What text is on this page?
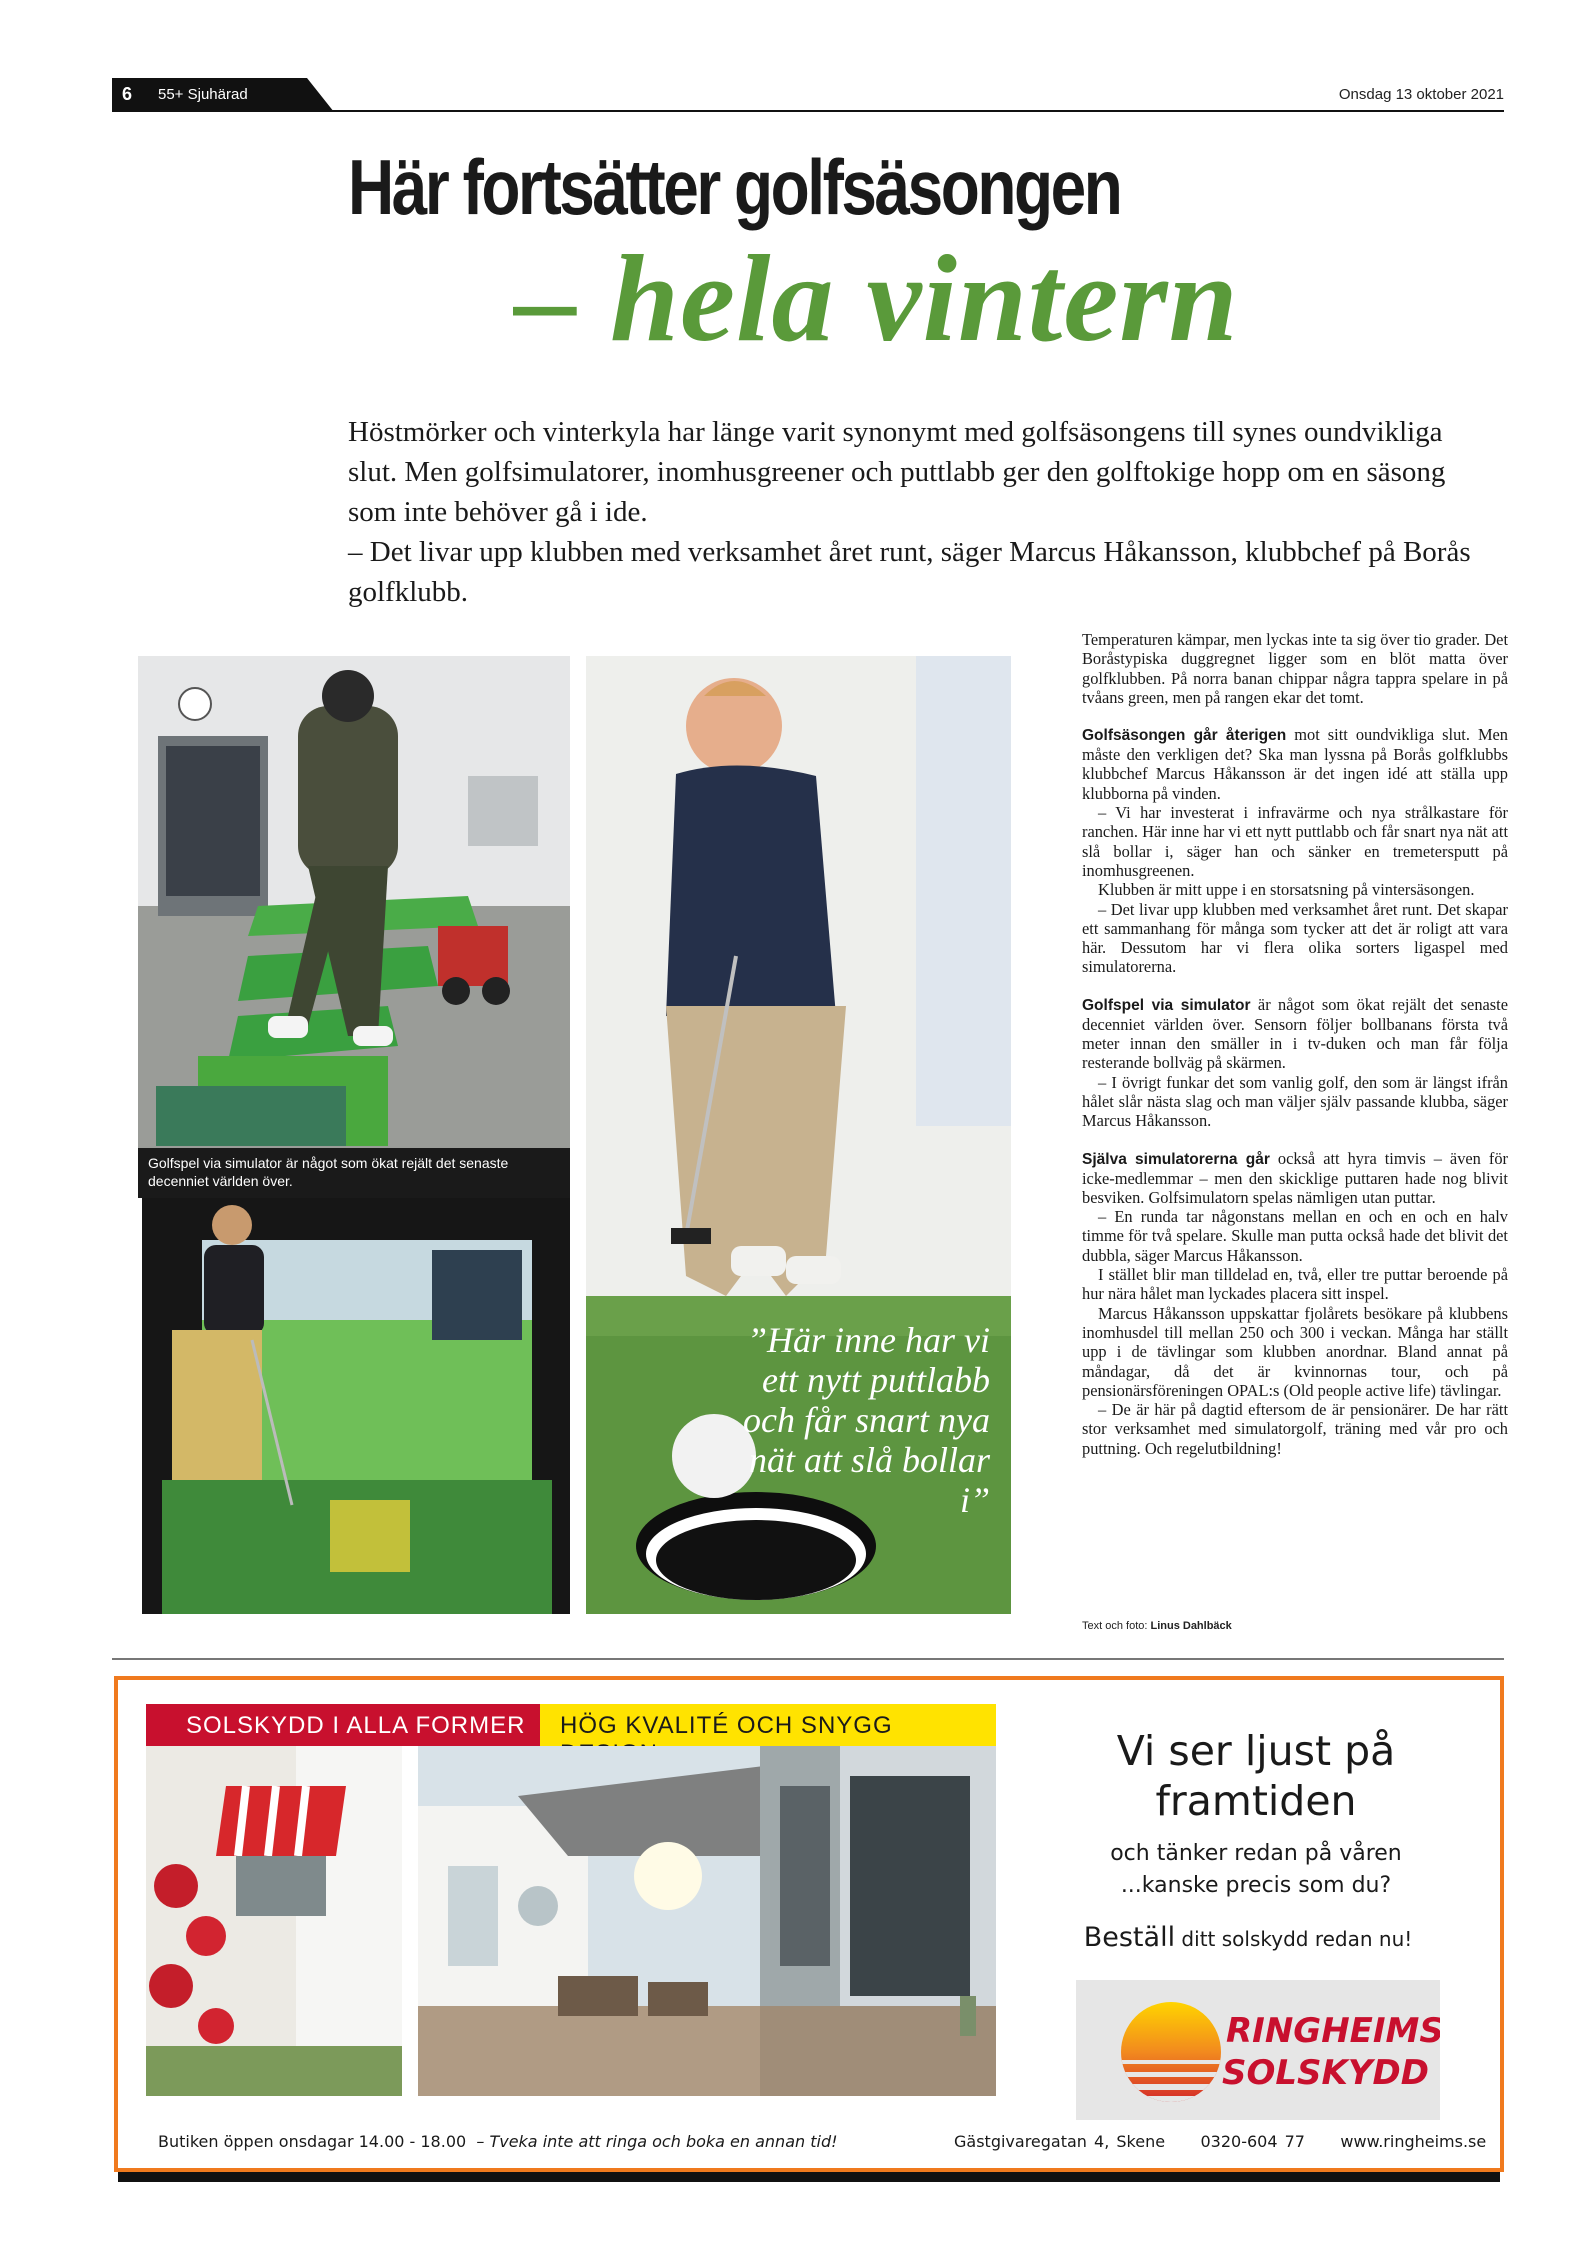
6 55+ Sjuhärad	Onsdag 13 oktober 2021
Här fortsätter golfsäsongen
– hela vintern

Höstmörker och vinterkyla har länge varit synonymt med golfsäsongens till synes oundvikliga slut. Men golfsimulatorer, inomhusgreener och puttlabb ger den golftokige hopp om en säsong som inte behöver gå i ide.

– Det livar upp klubben med verksamhet året runt, säger Marcus Håkansson, klubbchef på Borås golfklubb.

Golfspel via simulator är något som ökat rejält det senaste decenniet världen över.
”Här inne har vi ett nytt puttlabb och får snart nya nät att slå bollar i”

Temperaturen kämpar, men lyckas inte ta sig över tio grader. Det Boråstypiska duggregnet ligger som en blöt matta över golfklubben. På norra banan chippar några tappra spelare in på tvåans green, men på rangen ekar det tomt.

Golfsäsongen går återigen mot sitt oundvikliga slut. Men måste den verkligen det? Ska man lyssna på Borås golfklubbs klubbchef Marcus Håkansson är det ingen idé att ställa upp klubborna på vinden.

– Vi har investerat i infravärme och nya strålkastare för ranchen. Här inne har vi ett nytt puttlabb och får snart nya nät att slå bollar i, säger han och sänker en tremetersputt på inomhusgreenen.

Klubben är mitt uppe i en storsatsning på vintersäsongen.

– Det livar upp klubben med verksamhet året runt. Det skapar ett sammanhang för många som tycker att det är roligt att vara här. Dessutom har vi flera olika sorters ligaspel med simulatorerna.

Golfspel via simulator är något som ökat rejält det senaste decenniet världen över. Sensorn följer bollbanans första två meter innan den smäller in i tv-duken och man får följa resterande bollväg på skärmen.

– I övrigt funkar det som vanlig golf, den som är längst ifrån hålet slår nästa slag och man väljer själv passande klubba, säger Marcus Håkansson.

Själva simulatorerna går också att hyra timvis – även för icke-medlemmar – men den skicklige puttaren hade nog blivit besviken. Golfsimulatorn spelas nämligen utan puttar.

– En runda tar någonstans mellan en och en och en halv timme för två spelare. Skulle man putta också hade det blivit det dubbla, säger Marcus Håkansson.

I stället blir man tilldelad en, två, eller tre puttar beroende på hur nära hålet man lyckades placera sitt inspel.

Marcus Håkansson uppskattar fjolårets besökare på klubbens inomhusdel till mellan 250 och 300 i veckan. Många har ställt upp i de tävlingar som klubben anordnar. Bland annat på måndagar, då det är kvinnornas tour, och på pensionärsföreningen OPAL:s (Old people active life) tävlingar.

– De är här på dagtid eftersom de är pensionärer. De har rätt stor verksamhet med simulatorgolf, träning med vår pro och puttning. Och regelutbildning!

Text och foto: Linus Dahlbäck
SOLSKYDD I ALLA FORMER	HÖG KVALITÉ OCH SNYGG
Vi ser ljust på framtiden
och tänker redan på våren ...kanske precis som du?
Beställ ditt solskydd redan nu!
RINGHEIMS
SOLSKYDD
Butiken öppen onsdagar 14.00 - 18.00 – Tveka inte att ringa och boka en annan tid!	Gästgivaregatan 4, Skene 0320-604 77 www.ringheims.se
